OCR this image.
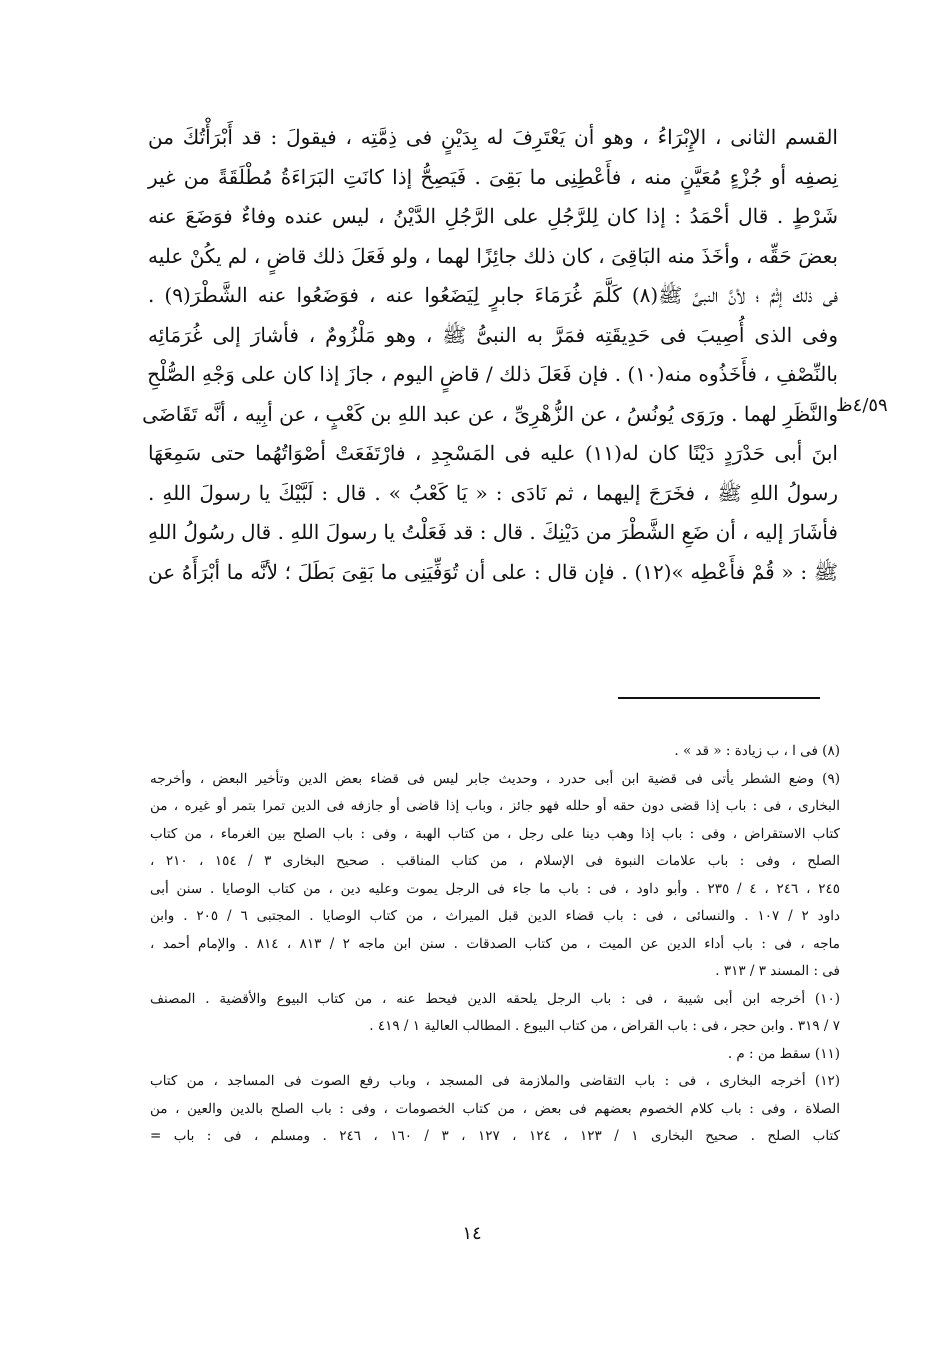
القسم الثانى ، الإِبْرَاءُ ، وهو أن يَعْتَرِفَ له بِدَيْنٍ فى ذِمَّتِه ، فيقولَ : قد أَبْرَأْتُكَ من
نِصفِه أو جُزْءٍ مُعَيَّنٍ منه ، فأَعْطِنِى ما بَقِىَ . فَيَصِحُّ إذا كانَتِ البَرَاءَةُ مُطْلَقَةً من غير
شَرْطٍ . قال أحْمَدُ : إذا كان لِلرَّجُلِ على الرَّجُلِ الدَّيْنُ ، ليس عنده وفاءٌ فوَضَعَ عنه
بعضَ حَقِّه ، وأخَذَ منه البَاقِىَ ، كان ذلك جائِزًا لهما ، ولو فَعَلَ ذلك قاضٍ ، لم يكُنْ عليه
فى ذلك إثْمٌ ؛ لأنَّ النبىَّ ﷺ(٨) كَلَّمَ غُرَمَاءَ جابرٍ لِيَضَعُوا عنه ، فوَضَعُوا عنه الشَّطْرَ(٩) .
وفى الذى أُصِيبَ فى حَدِيقَتِه فمَرَّ به النبىُّ ﷺ ، وهو مَلْزُومٌ ، فأشارَ إلى غُرَمَائِه
بالنِّصْفِ ، فأَخَذُوه منه(١٠) . فإن فَعَلَ ذلك / قاضٍ اليوم ، جازَ إذا كان على وَجْهِ الصُّلْحِ
والنَّظَرِ لهما . ورَوَى يُونُسُ ، عن الزُّهْرِىِّ ، عن عبد اللهِ بن كَعْبٍ ، عن أبِيه ، أنَّه تَقَاضَى
ابنَ أبى حَدْرَدٍ دَيْنًا كان له(١١) عليه فى المَسْجِدِ ، فارْتَفَعَتْ أصْوَاتُهُما حتى سَمِعَهَا
رسولُ اللهِ ﷺ ، فخَرَجَ إليهما ، ثم نَادَى : « يَا كَعْبُ » . قال : لَبَّيْكَ يا رسولَ اللهِ .
فأشَارَ إليه ، أن ضَعِ الشَّطْرَ من دَيْنِكَ . قال : قد فَعَلْتُ يا رسولَ اللهِ . قال رسُولُ اللهِ
ﷺ : « قُمْ فأَعْطِه »(١٢) . فإن قال : على أن تُوَفِّيَنِى ما بَقِىَ بَطَلَ ؛ لأنَّه ما أبْرَأَهُ عن
٤/٥٩ظ
(٨) فى ا ، ب زيادة : « قد » .
(٩) وضع الشطر يأتى فى قضية ابن أبى حدرد ، وحديث جابر ليس فى قضاء بعض الدين وتأخير البعض ، وأخرجه
البخارى ، فى : باب إذا قضى دون حقه أو حلله فهو جائز ، وباب إذا قاضى أو جازفه فى الدين تمرا بتمر أو غيره ، من
كتاب الاستقراض ، وفى : باب إذا وهب دينا على رجل ، من كتاب الهبة ، وفى : باب الصلح بين الغرماء ، من كتاب
الصلح ، وفى : باب علامات النبوة فى الإسلام ، من كتاب المناقب . صحيح البخارى ٣ / ١٥٤ ، ٢١٠ ،
٢٤٥ ، ٢٤٦ ، ٤ / ٢٣٥ . وأبو داود ، فى : باب ما جاء فى الرجل يموت وعليه دين ، من كتاب الوصايا . سنن أبى
داود ٢ / ١٠٧ . والنسائى ، فى : باب قضاء الدين قبل الميراث ، من كتاب الوصايا . المجتبى ٦ / ٢٠٥ . وابن
ماجه ، فى : باب أداء الدين عن الميت ، من كتاب الصدقات . سنن ابن ماجه ٢ / ٨١٣ ، ٨١٤ . والإمام أحمد ،
فى : المسند ٣ / ٣١٣ .
(١٠) أخرجه ابن أبى شيبة ، فى : باب الرجل يلحقه الدين فيحط عنه ، من كتاب البيوع والأقضية . المصنف
٧ / ٣١٩ . وابن حجر ، فى : باب القراض ، من كتاب البيوع . المطالب العالية ١ / ٤١٩ .
(١١) سقط من : م .
(١٢) أخرجه البخارى ، فى : باب التقاضى والملازمة فى المسجد ، وباب رفع الصوت فى المساجد ، من كتاب
الصلاة ، وفى : باب كلام الخصوم بعضهم فى بعض ، من كتاب الخصومات ، وفى : باب الصلح بالدين والعين ، من
كتاب الصلح . صحيح البخارى ١ / ١٢٣ ، ١٢٤ ، ١٢٧ ، ٣ / ١٦٠ ، ٢٤٦ . ومسلم ، فى : باب =
١٤
